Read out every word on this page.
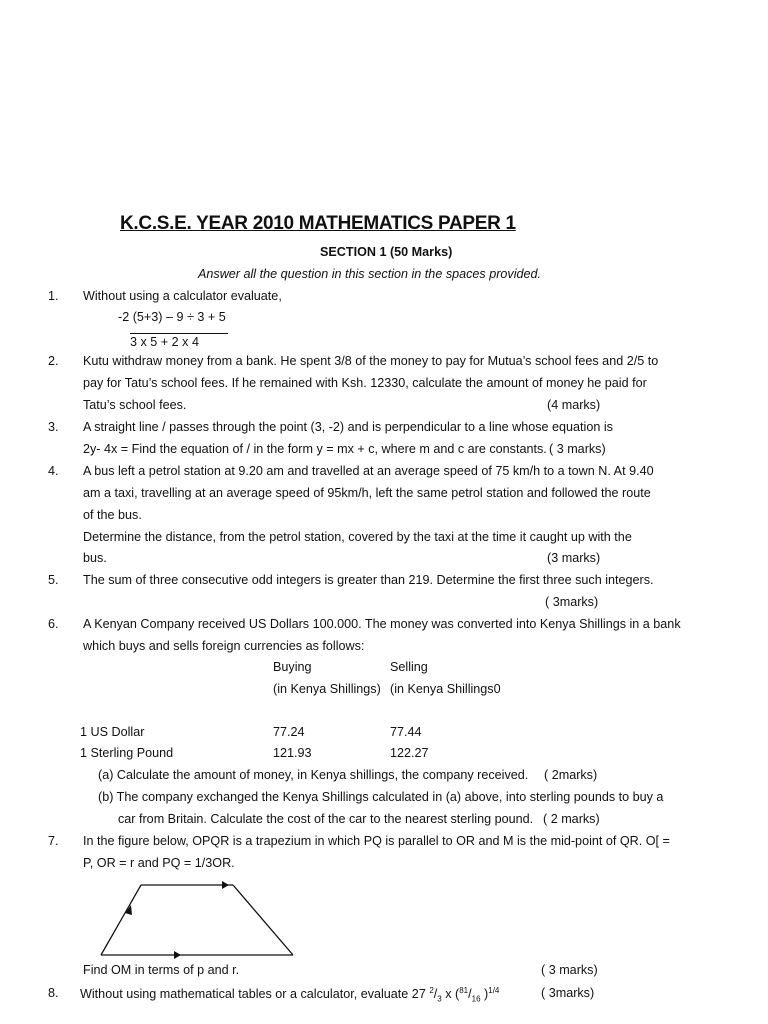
K.C.S.E. YEAR 2010 MATHEMATICS PAPER 1
SECTION 1 (50 Marks)
Answer all the question in this section in the spaces provided.
1. Without using a calculator evaluate,
-2 (5+3) – 9 ÷ 3 + 5
3 x 5 + 2 x 4
2. Kutu withdraw money from a bank. He spent 3/8 of the money to pay for Mutua’s school fees and 2/5 to
pay for Tatu’s school fees. If he remained with Ksh. 12330, calculate the amount of money he paid for
Tatu’s school fees.	(4 marks)
3. A straight line / passes through the point (3, -2) and is perpendicular to a line whose equation is
2y- 4x = Find the equation of / in the form y = mx + c, where m and c are constants. ( 3 marks)
4. A bus left a petrol station at 9.20 am and travelled at an average speed of 75 km/h to a town N. At 9.40
am a taxi, travelling at an average speed of 95km/h, left the same petrol station and followed the route
of the bus.
Determine the distance, from the petrol station, covered by the taxi at the time it caught up with the
bus.	(3 marks)
5. The sum of three consecutive odd integers is greater than 219. Determine the first three such integers.
( 3marks)
6. A Kenyan Company received US Dollars 100.000. The money was converted into Kenya Shillings in a bank
which buys and sells foreign currencies as follows:
Buying	Selling
(in Kenya Shillings) (in Kenya Shillings0
1 US Dollar	77.24	77.44
1 Sterling Pound	121.93	122.27
(a) Calculate the amount of money, in Kenya shillings, the company received. ( 2marks)
(b) The company exchanged the Kenya Shillings calculated in (a) above, into sterling pounds to buy a
car from Britain. Calculate the cost of the car to the nearest sterling pound. ( 2 marks)
7. In the figure below, OPQR is a trapezium in which PQ is parallel to OR and M is the mid-point of QR. O[ =
P, OR = r and PQ = 1/3OR.
Find OM in terms of p and r.	( 3 marks)
8. Without using mathematical tables or a calculator, evaluate 27 $^2/_3$ x ($^{81}/_{16}$ )$^{1/4}$	( 3marks)
